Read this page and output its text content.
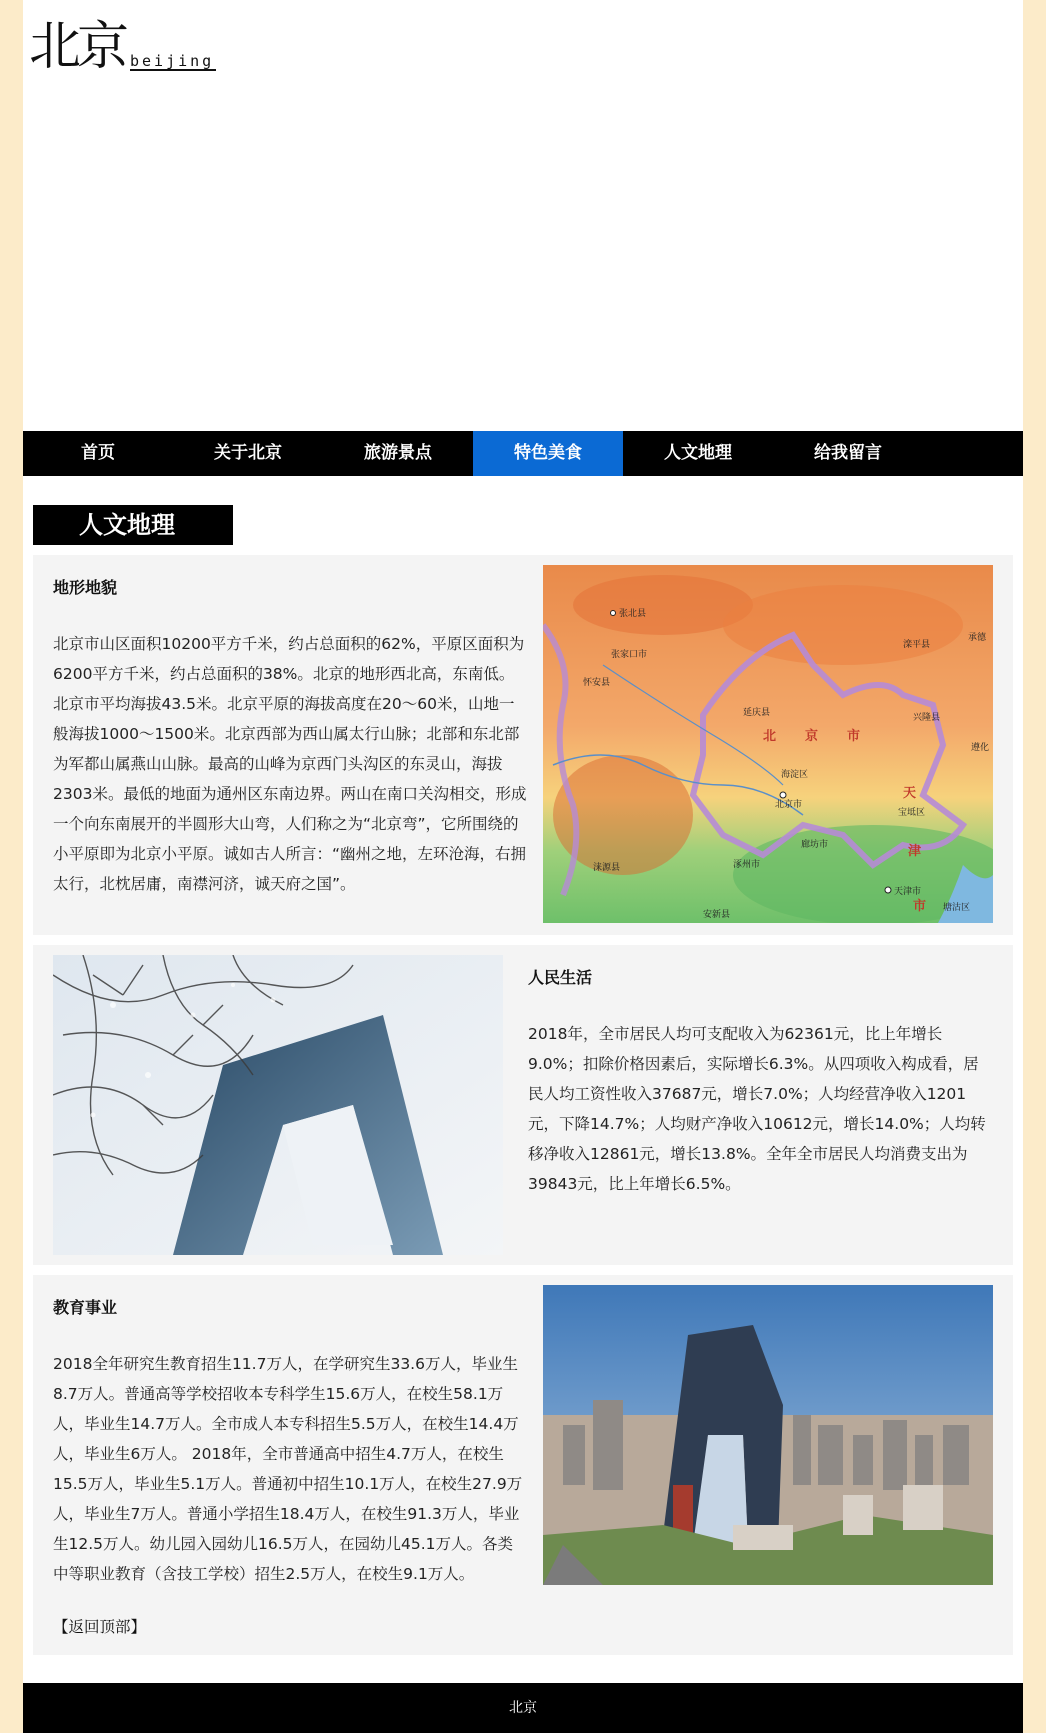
北京 beijing
首页	关于北京	旅游景点	特色美食	人文地理	给我留言
人文地理
地形地貌

北京市山区面积10200平方千米，约占总面积的62%，平原区面积为6200平方千米，约占总面积的38%。北京的地形西北高，东南低。北京市平均海拔43.5米。北京平原的海拔高度在20～60米，山地一般海拔1000～1500米。北京西部为西山属太行山脉；北部和东北部为军都山属燕山山脉。最高的山峰为京西门头沟区的东灵山，海拔2303米。最低的地面为通州区东南边界。两山在南口关沟相交，形成一个向东南展开的半圆形大山弯，人们称之为“北京弯”，它所围绕的小平原即为北京小平原。诚如古人所言：“幽州之地，左环沧海，右拥太行，北枕居庸，南襟河济，诚天府之国”。

张北县
张家口市
怀安县
延庆县
海淀区
北京市
廊坊市
涿州市
涞源县
天津市
安新县
兴隆县
滦平县
承德
遵化
塘沽区
宝坻区
北 京 市
天
津
市
人民生活

2018年，全市居民人均可支配收入为62361元，比上年增长9.0%；扣除价格因素后，实际增长6.3%。从四项收入构成看，居民人均工资性收入37687元，增长7.0%；人均经营净收入1201元，下降14.7%；人均财产净收入10612元，增长14.0%；人均转移净收入12861元，增长13.8%。全年全市居民人均消费支出为39843元，比上年增长6.5%。

教育事业

2018全年研究生教育招生11.7万人，在学研究生33.6万人，毕业生8.7万人。普通高等学校招收本专科学生15.6万人，在校生58.1万人，毕业生14.7万人。全市成人本专科招生5.5万人，在校生14.4万人，毕业生6万人。 2018年，全市普通高中招生4.7万人，在校生15.5万人，毕业生5.1万人。普通初中招生10.1万人，在校生27.9万人，毕业生7万人。普通小学招生18.4万人，在校生91.3万人，毕业生12.5万人。幼儿园入园幼儿16.5万人，在园幼儿45.1万人。各类中等职业教育（含技工学校）招生2.5万人，在校生9.1万人。

【返回顶部】
北京
